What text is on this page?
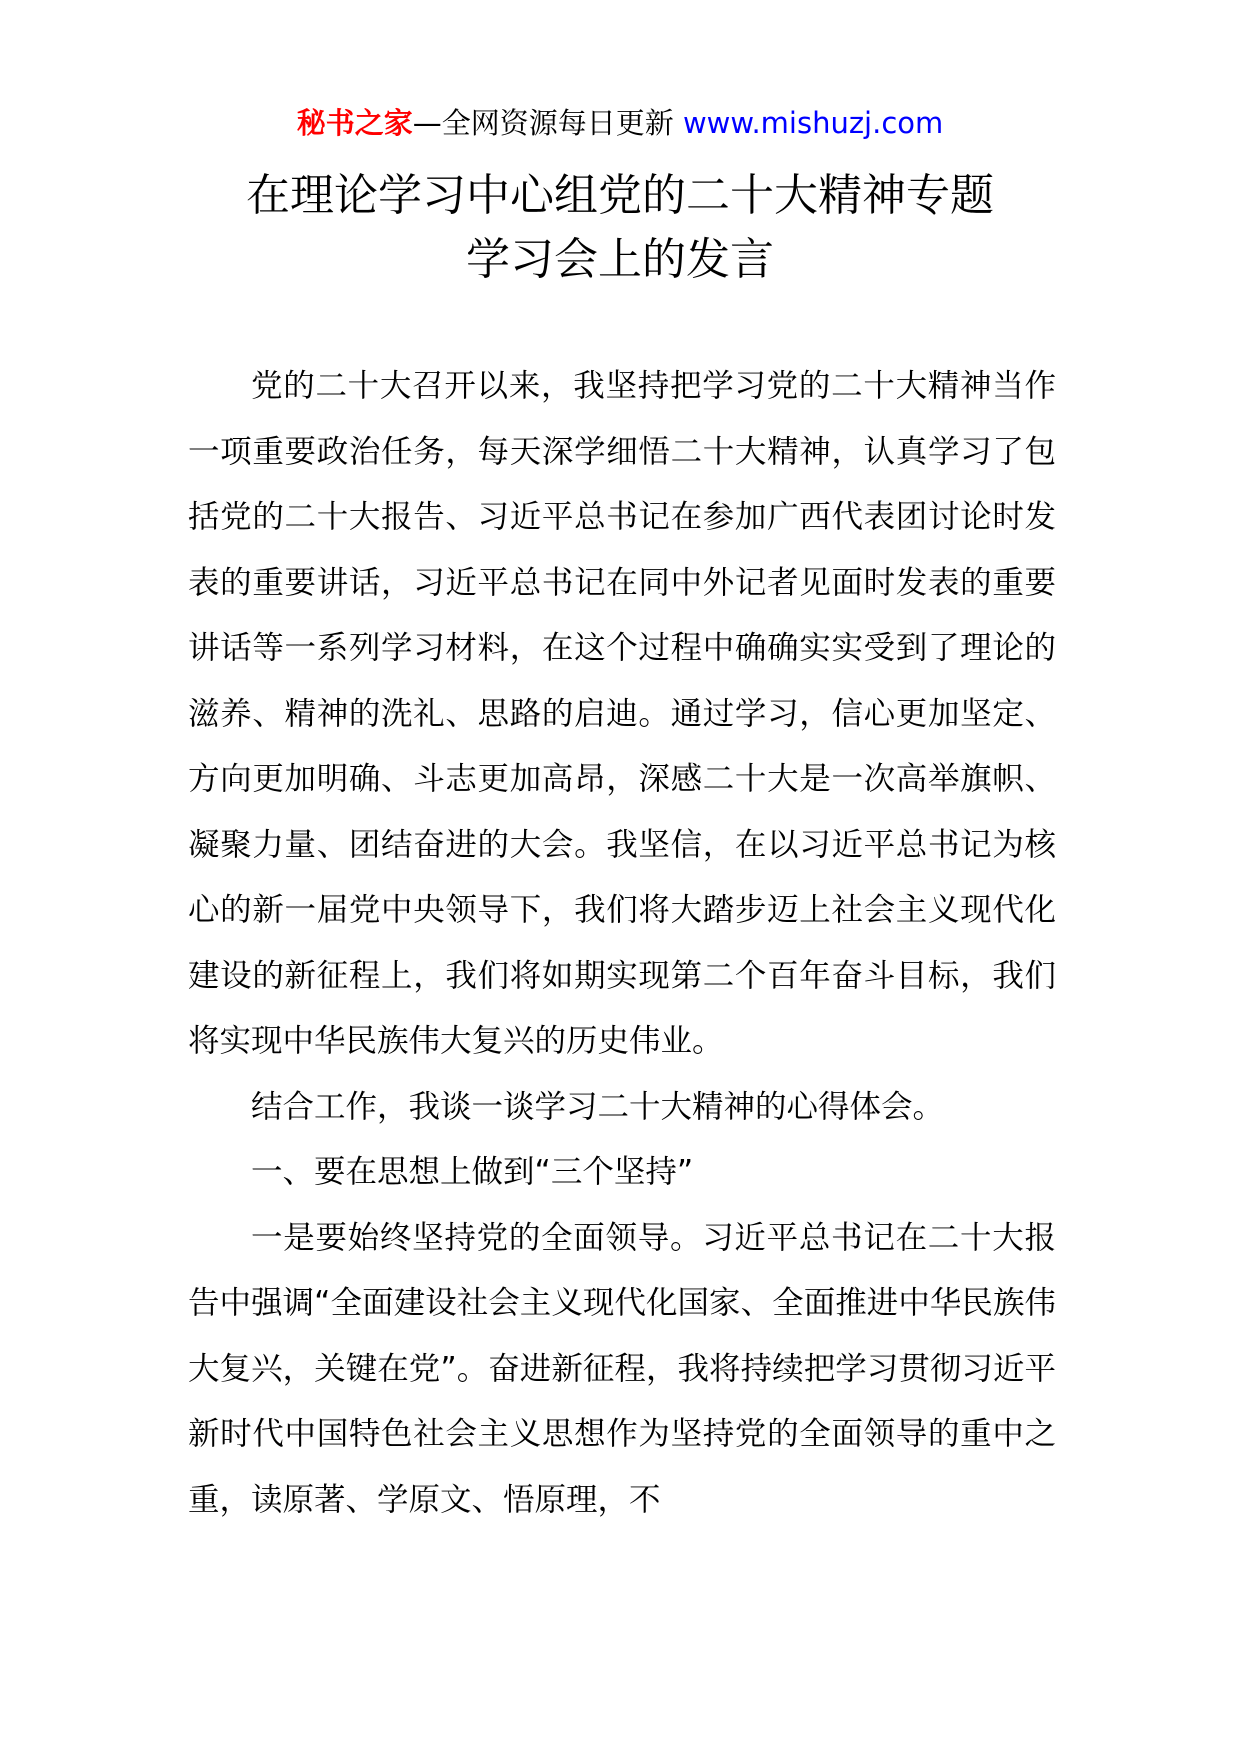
秘书之家—全网资源每日更新 www.mishuzj.com
在理论学习中心组党的二十大精神专题
学习会上的发言

党的二十大召开以来，我坚持把学习党的二十大精神当作一项重要政治任务，每天深学细悟二十大精神，认真学习了包括党的二十大报告、习近平总书记在参加广西代表团讨论时发表的重要讲话，习近平总书记在同中外记者见面时发表的重要讲话等一系列学习材料，在这个过程中确确实实受到了理论的滋养、精神的洗礼、思路的启迪。通过学习，信心更加坚定、方向更加明确、斗志更加高昂，深感二十大是一次高举旗帜、凝聚力量、团结奋进的大会。我坚信，在以习近平总书记为核心的新一届党中央领导下，我们将大踏步迈上社会主义现代化建设的新征程上，我们将如期实现第二个百年奋斗目标，我们将实现中华民族伟大复兴的历史伟业。

结合工作，我谈一谈学习二十大精神的心得体会。

一、要在思想上做到“三个坚持”

一是要始终坚持党的全面领导。习近平总书记在二十大报告中强调“全面建设社会主义现代化国家、全面推进中华民族伟大复兴，关键在党”。奋进新征程，我将持续把学习贯彻习近平新时代中国特色社会主义思想作为坚持党的全面领导的重中之重，读原著、学原文、悟原理，不
